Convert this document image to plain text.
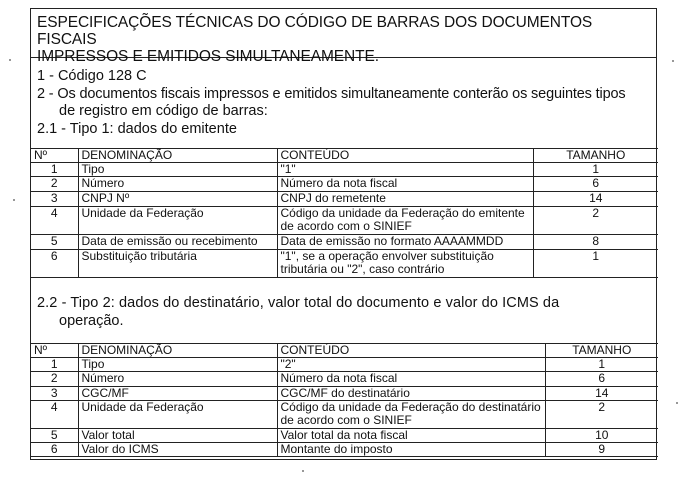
ESPECIFICAÇÕES TÉCNICAS DO CÓDIGO DE BARRAS DOS DOCUMENTOS FISCAIS
IMPRESSOS E EMITIDOS SIMULTANEAMENTE.
1 - Código 128 C
2 - Os documentos fiscais impressos e emitidos simultaneamente conterão os seguintes tipos
de registro em código de barras:
2.1 - Tipo 1: dados do emitente
Nº	DENOMINAÇÃO	CONTEÚDO	TAMANHO
1	Tipo	"1"	1
2	Número	Número da nota fiscal	6
3	CNPJ Nº	CNPJ do remetente	14
4	Unidade da Federação	Código da unidade da Federação do emitente
de acordo com o SINIEF	2
5	Data de emissão ou recebimento	Data de emissão no formato AAAAMMDD	8
6	Substituição tributária	"1", se a operação envolver substituição
tributária ou "2", caso contrário	1
2.2 - Tipo 2: dados do destinatário, valor total do documento e valor do ICMS da
operação.
Nº	DENOMINAÇÃO	CONTEÚDO	TAMANHO
1	Tipo	"2"	1
2	Número	Número da nota fiscal	6
3	CGC/MF	CGC/MF do destinatário	14
4	Unidade da Federação	Código da unidade da Federação do destinatário
de acordo com o SINIEF	2
5	Valor total	Valor total da nota fiscal	10
6	Valor do ICMS	Montante do imposto	9
